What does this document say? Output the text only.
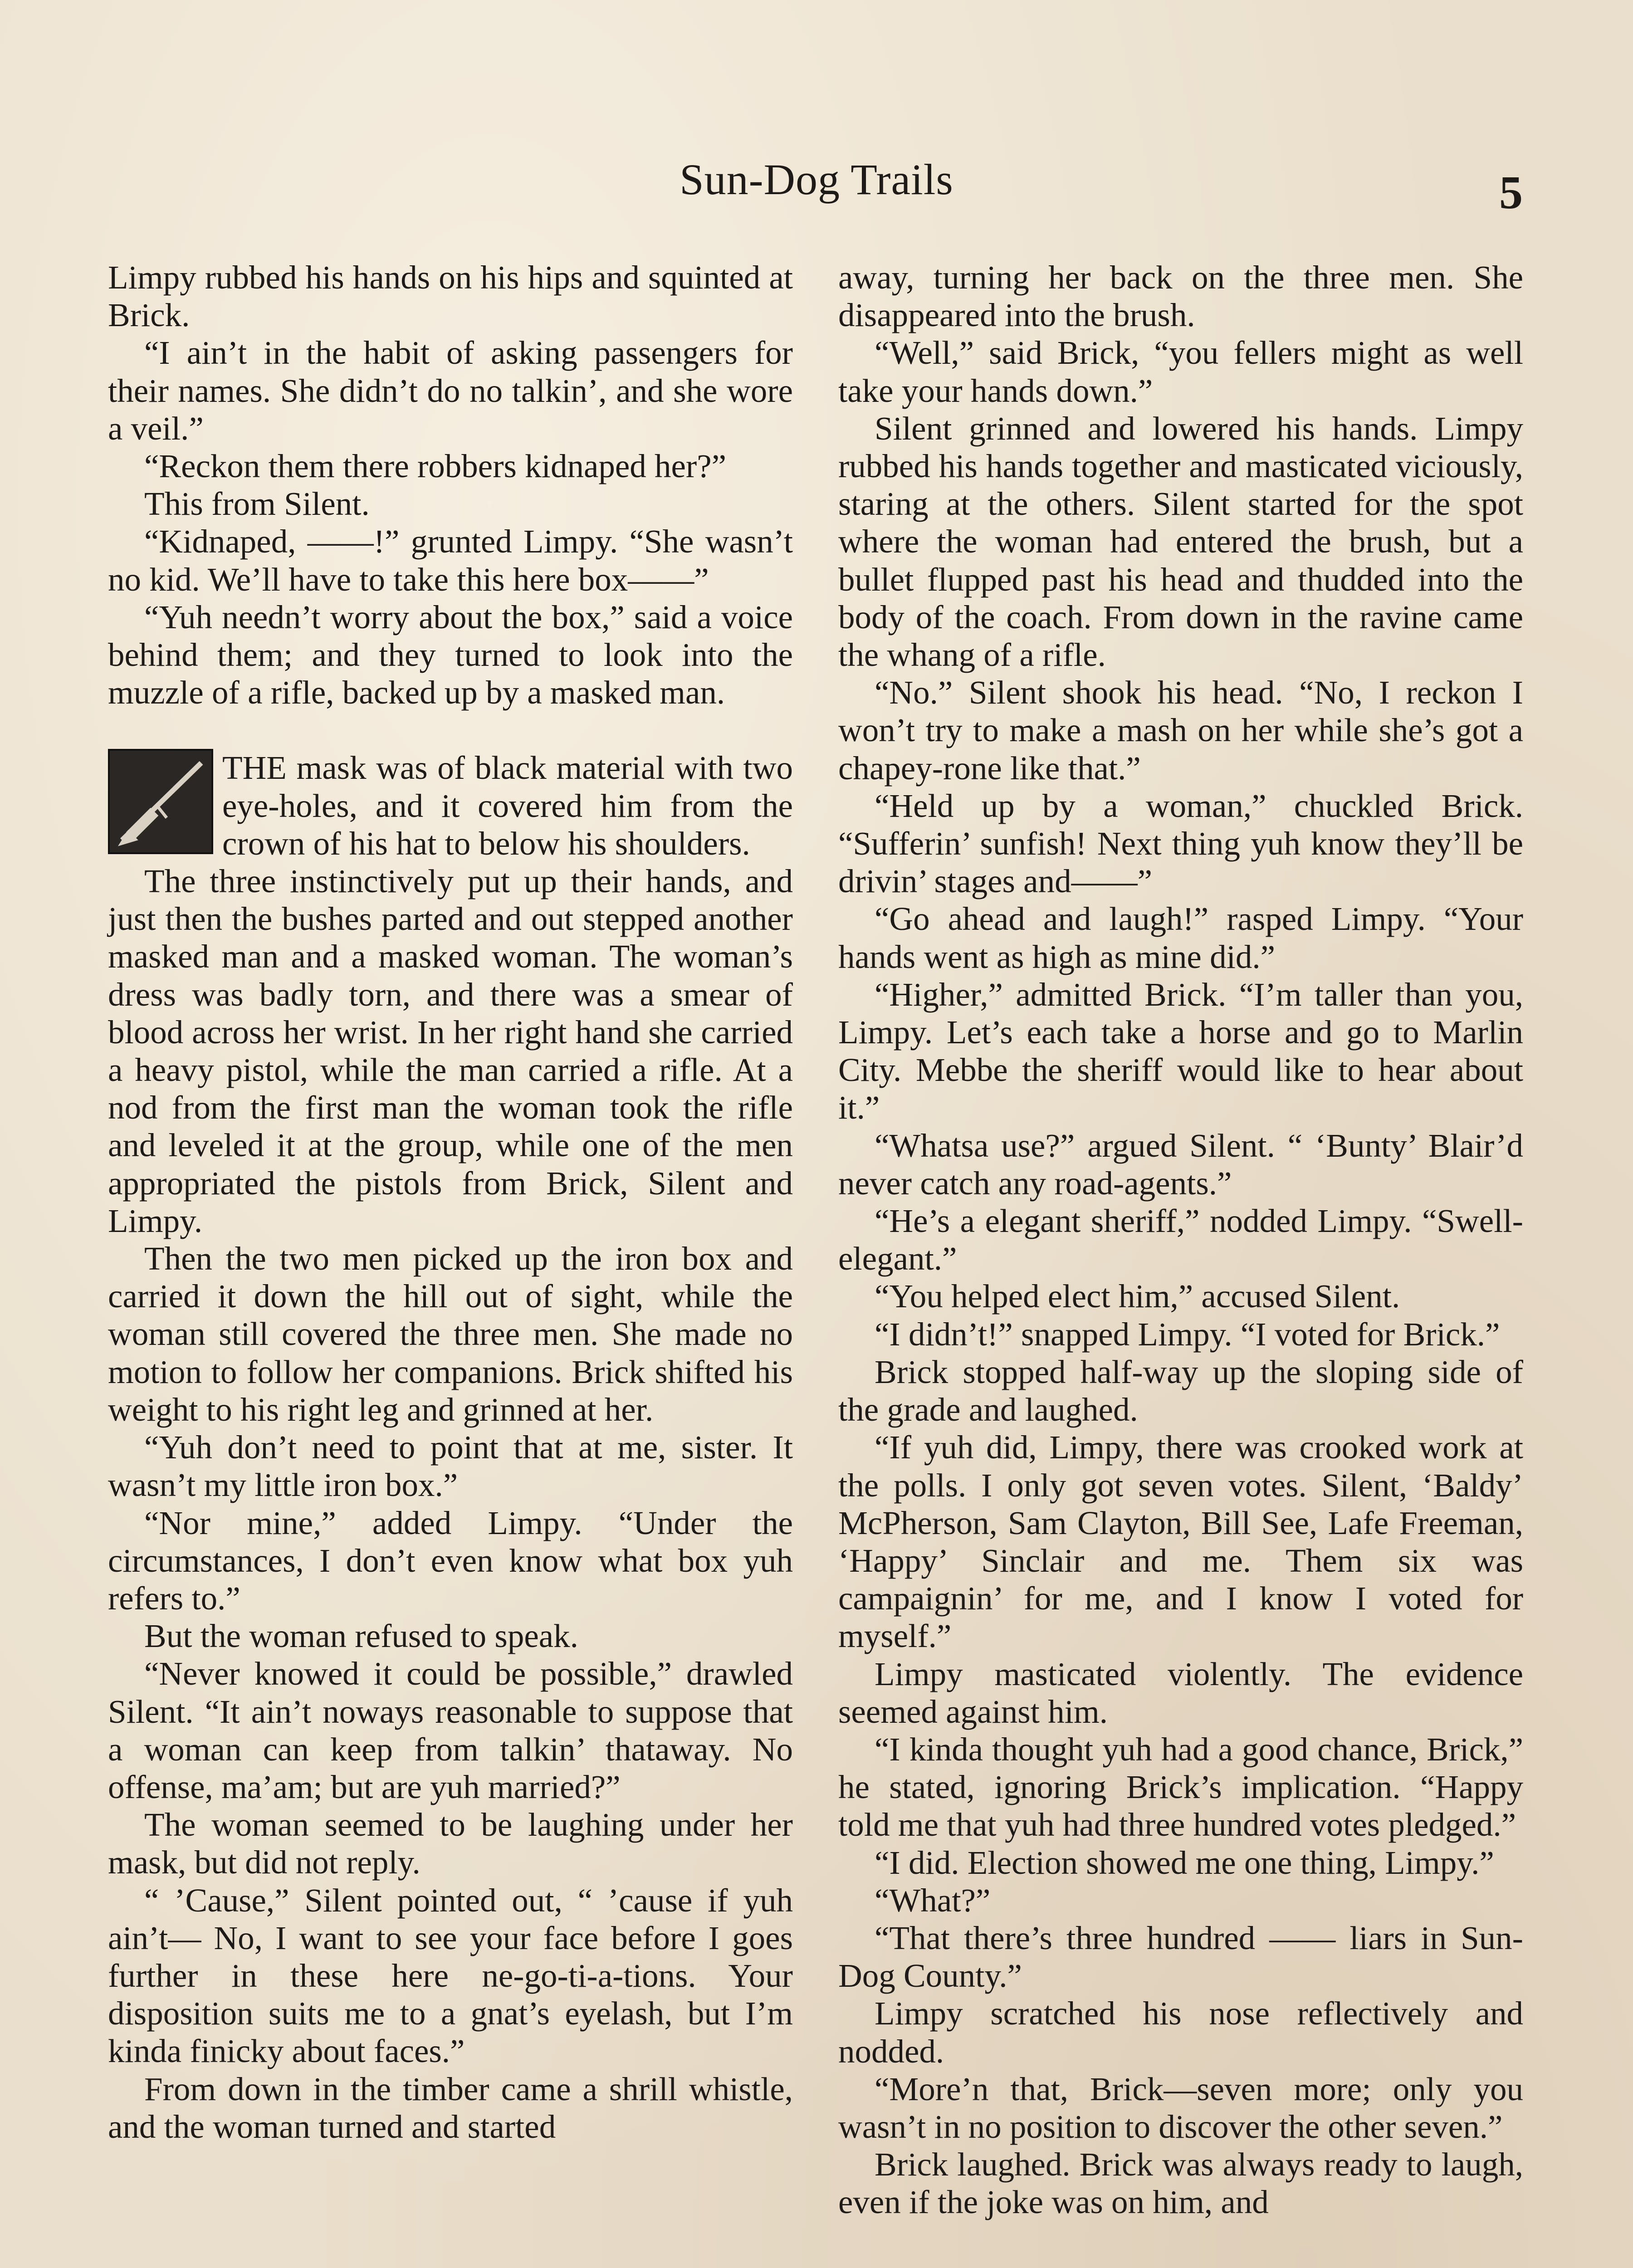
Sun-Dog Trails	5

Limpy rubbed his hands on his hips and squinted at Brick.

“I ain’t in the habit of asking passengers for their names. She didn’t do no talkin’, and she wore a veil.”

“Reckon them there robbers kidnaped her?”

This from Silent.

“Kidnaped, ——!” grunted Limpy. “She wasn’t no kid. We’ll have to take this here box——”

“Yuh needn’t worry about the box,” said a voice behind them; and they turned to look into the muzzle of a rifle, backed up by a masked man.

THE mask was of black material with two eye-holes, and it covered him from the crown of his hat to below his shoulders.

The three instinctively put up their hands, and just then the bushes parted and out stepped another masked man and a masked woman. The woman’s dress was badly torn, and there was a smear of blood across her wrist. In her right hand she carried a heavy pistol, while the man carried a rifle. At a nod from the first man the woman took the rifle and leveled it at the group, while one of the men appropriated the pistols from Brick, Silent and Limpy.

Then the two men picked up the iron box and carried it down the hill out of sight, while the woman still covered the three men. She made no motion to follow her companions. Brick shifted his weight to his right leg and grinned at her.

“Yuh don’t need to point that at me, sister. It wasn’t my little iron box.”

“Nor mine,” added Limpy. “Under the circumstances, I don’t even know what box yuh refers to.”

But the woman refused to speak.

“Never knowed it could be possible,” drawled Silent. “It ain’t noways reasonable to suppose that a woman can keep from talkin’ thataway. No offense, ma’am; but are yuh married?”

The woman seemed to be laughing under her mask, but did not reply.

“ ’Cause,” Silent pointed out, “ ’cause if yuh ain’t— No, I want to see your face before I goes further in these here ne-go-ti-a-tions. Your disposition suits me to a gnat’s eyelash, but I’m kinda finicky about faces.”

From down in the timber came a shrill whistle, and the woman turned and started

away, turning her back on the three men. She disappeared into the brush.

“Well,” said Brick, “you fellers might as well take your hands down.”

Silent grinned and lowered his hands. Limpy rubbed his hands together and masticated viciously, staring at the others. Silent started for the spot where the woman had entered the brush, but a bullet flupped past his head and thudded into the body of the coach. From down in the ravine came the whang of a rifle.

“No.” Silent shook his head. “No, I reckon I won’t try to make a mash on her while she’s got a chapey-rone like that.”

“Held up by a woman,” chuckled Brick. “Sufferin’ sunfish! Next thing yuh know they’ll be drivin’ stages and——”

“Go ahead and laugh!” rasped Limpy. “Your hands went as high as mine did.”

“Higher,” admitted Brick. “I’m taller than you, Limpy. Let’s each take a horse and go to Marlin City. Mebbe the sheriff would like to hear about it.”

“Whatsa use?” argued Silent. “ ‘Bunty’ Blair’d never catch any road-agents.”

“He’s a elegant sheriff,” nodded Limpy. “Swell-elegant.”

“You helped elect him,” accused Silent.

“I didn’t!” snapped Limpy. “I voted for Brick.”

Brick stopped half-way up the sloping side of the grade and laughed.

“If yuh did, Limpy, there was crooked work at the polls. I only got seven votes. Silent, ‘Baldy’ McPherson, Sam Clayton, Bill See, Lafe Freeman, ‘Happy’ Sinclair and me. Them six was campaignin’ for me, and I know I voted for myself.”

Limpy masticated violently. The evidence seemed against him.

“I kinda thought yuh had a good chance, Brick,” he stated, ignoring Brick’s implication. “Happy told me that yuh had three hundred votes pledged.”

“I did. Election showed me one thing, Limpy.”

“What?”

“That there’s three hundred —— liars in Sun-Dog County.”

Limpy scratched his nose reflectively and nodded.

“More’n that, Brick—seven more; only you wasn’t in no position to discover the other seven.”

Brick laughed. Brick was always ready to laugh, even if the joke was on him, and
